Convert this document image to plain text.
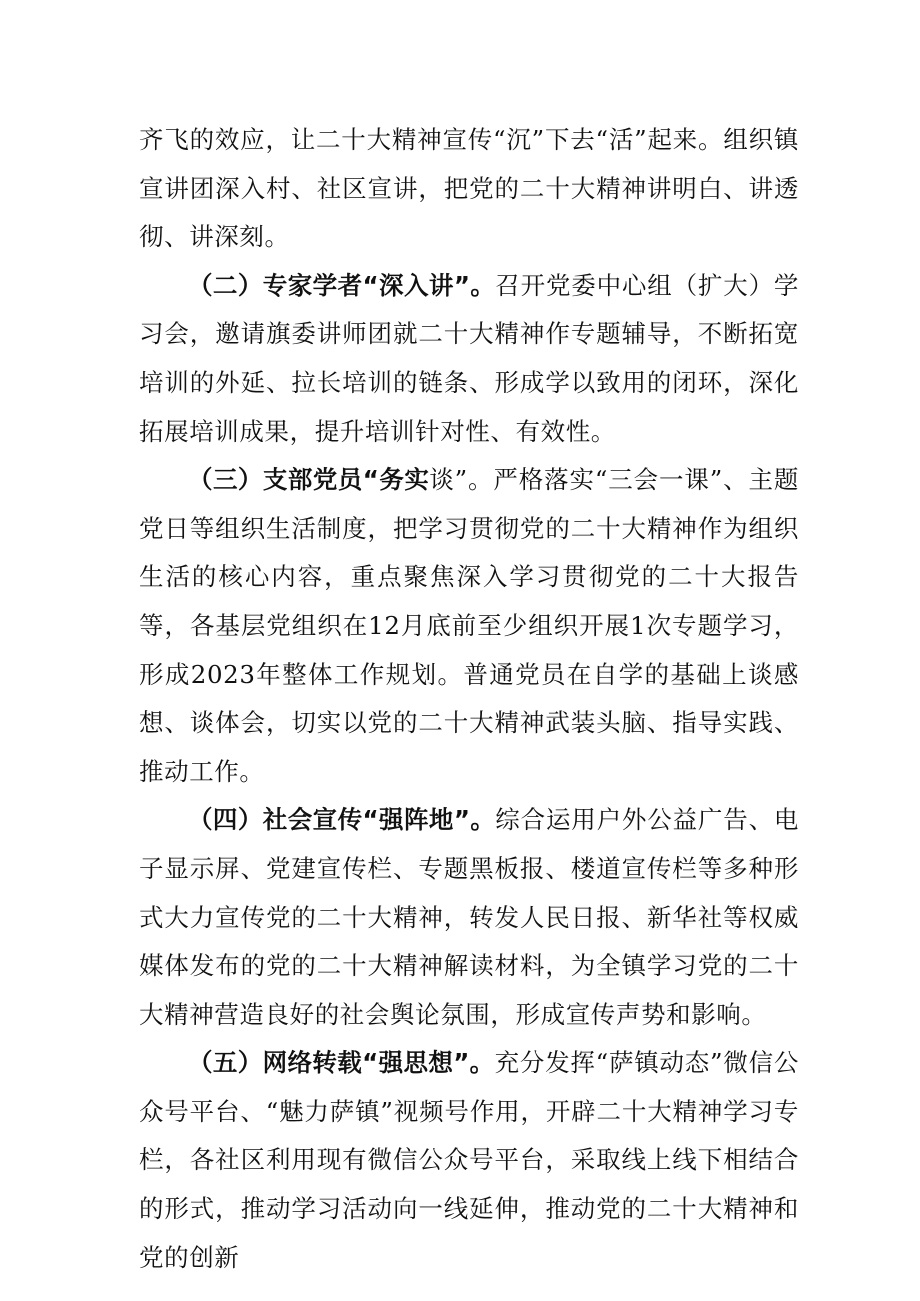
齐飞的效应，让二十大精神宣传“沉”下去“活”起来。组织镇宣讲团深入村、社区宣讲，把党的二十大精神讲明白、讲透彻、讲深刻。

（二）专家学者“深入讲”。召开党委中心组（扩大）学习会，邀请旗委讲师团就二十大精神作专题辅导，不断拓宽培训的外延、拉长培训的链条、形成学以致用的闭环，深化拓展培训成果，提升培训针对性、有效性。

（三）支部党员“务实谈”。严格落实“三会一课”、主题党日等组织生活制度，把学习贯彻党的二十大精神作为组织生活的核心内容，重点聚焦深入学习贯彻党的二十大报告等，各基层党组织在12月底前至少组织开展1次专题学习，形成2023年整体工作规划。普通党员在自学的基础上谈感想、谈体会，切实以党的二十大精神武装头脑、指导实践、推动工作。

（四）社会宣传“强阵地”。综合运用户外公益广告、电子显示屏、党建宣传栏、专题黑板报、楼道宣传栏等多种形式大力宣传党的二十大精神，转发人民日报、新华社等权威媒体发布的党的二十大精神解读材料，为全镇学习党的二十大精神营造良好的社会舆论氛围，形成宣传声势和影响。

（五）网络转载“强思想”。充分发挥“萨镇动态”微信公众号平台、“魅力萨镇”视频号作用，开辟二十大精神学习专栏，各社区利用现有微信公众号平台，采取线上线下相结合的形式，推动学习活动向一线延伸，推动党的二十大精神和党的创新
